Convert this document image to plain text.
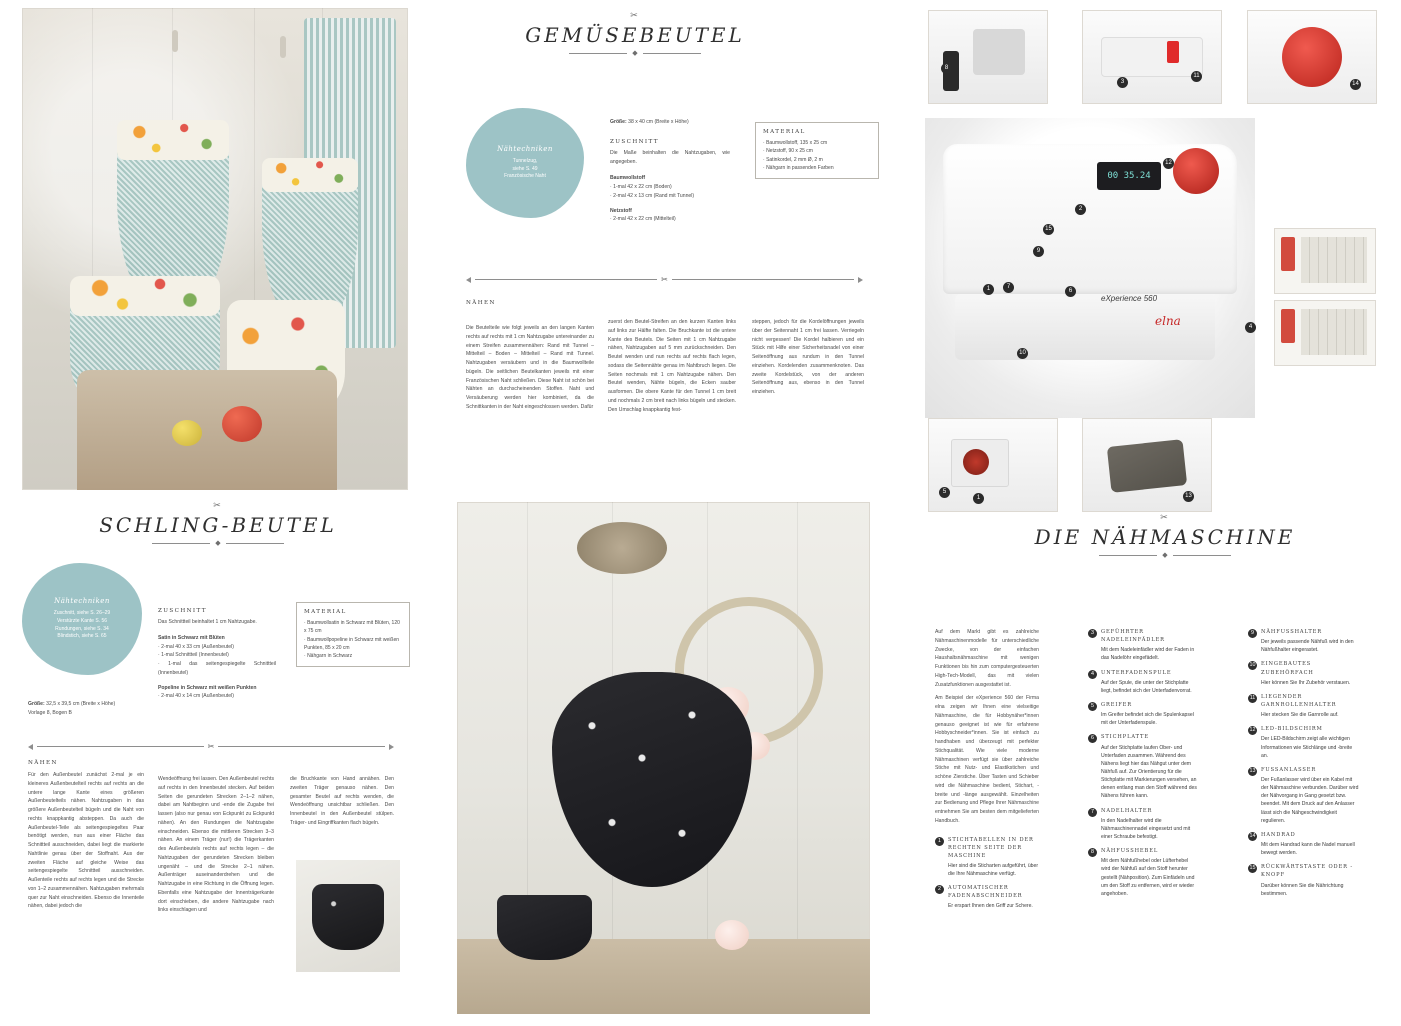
✂
SCHLING-BEUTEL
◆
Nähtechniken
Zuschnitt, siehe S. 26–29
Verstürzte Kante S. 56
Rundungen, siehe S. 34
Blindstich, siehe S. 65
ZUSCHNITT
Das Schnittteil beinhaltet 1 cm Nahtzugabe.
Satin in Schwarz mit Blüten
· 2-mal 40 x 33 cm (Außenbeutel)
· 1-mal Schnittteil (Innenbeutel)
· 1-mal das seitengespiegelte Schnittteil (Innenbeutel)
Popeline in Schwarz mit weißen Punkten
· 2-mal 40 x 14 cm (Außenbeutel)
Größe: 32,5 x 39,5 cm (Breite x Höhe)
Vorlage 8, Bogen B
MATERIAL
· Baumwollsatin in Schwarz mit Blüten, 120 x 75 cm
· Baumwollpopeline in Schwarz mit weißen Punkten, 85 x 20 cm
· Nähgarn in Schwarz
✂
NÄHEN
Für den Außenbeutel zunächst 2-mal je ein kleineres Außenbeutelteil rechts auf rechts an die untere lange Kante eines größeren Außenbeutelteils nähen. Nahtzugaben in das größere Außenbeutelteil bügeln und die Naht von rechts knappkantig absteppen. Da auch die Außenbeutel-Teile als seitengespiegeltes Paar benötigt werden, nun aus einer Fläche das Schnittteil ausschneiden, dabei liegt die markierte Nahtlinie genau über der Stoffnaht. Aus der zweiten Fläche auf gleiche Weise das seitengespiegelte Schnittteil ausschneiden. Außenteile rechts auf rechts legen und die Strecke von 1–2 zusammennähen. Nahtzugaben mehrmals quer zur Naht einschneiden. Ebenso die Innenteile nähen, dabei jedoch die
Wendeöffnung frei lassen. Den Außenbeutel rechts auf rechts in den Innenbeutel stecken. Auf beiden Seiten die gerundeten Strecken 2–1–2 nähen, dabei am Nahtbeginn und -ende die Zugabe frei lassen (also nur genau von Eckpunkt zu Eckpunkt nähen). An den Rundungen die Nahtzugabe einschneiden. Ebenso die mittleren Strecken 3–3 nähen. An einem Träger (nur!) die Trägerkanten des Außenbeutels rechts auf rechts legen – die Nahtzugaben der gerundeten Strecken bleiben ungenäht – und die Strecke 2–1 nähen. Außenträger auseinanderdrehen und die Nahtzugabe in eine Richtung in die Öffnung legen. Ebenfalls eine Nahtzugabe der Innenträgerkante dort einschieben, die andere Nahtzugabe nach links einschlagen und
die Bruchkante von Hand annähen. Den zweiten Träger genauso nähen. Den gesamter Beutel auf rechts wenden, die Wendeöffnung unsichtbar schließen. Den Innenbeutel in den Außenbeutel stülpen. Träger- und Eingriffkanten flach bügeln.
✂
GEMÜSEBEUTEL
◆
Nähtechniken
Tunnelzug,
siehe S. 49
Französische Naht
Größe: 38 x 40 cm (Breite x Höhe)
ZUSCHNITT
Die Maße beinhalten die Nahtzugaben, wie angegeben.
Baumwollstoff
· 1-mal 42 x 22 cm (Boden)
· 2-mal 42 x 13 cm (Rand mit Tunnel)
Netzstoff
· 2-mal 42 x 22 cm (Mittelteil)
MATERIAL
· Baumwollstoff, 135 x 25 cm
· Netzstoff, 90 x 25 cm
· Satinkordel, 2 mm Ø, 2 m
· Nähgarn in passenden Farben
✂
NÄHEN
Die Beutelteile wie folgt jeweils an den langen Kanten rechts auf rechts mit 1 cm Nahtzugabe untereinander zu einem Streifen zusammennähen: Rand mit Tunnel – Mittelteil – Boden – Mittelteil – Rand mit Tunnel. Nahtzugaben versäubern und in die Baumwollteile bügeln. Die seitlichen Beutelkanten jeweils mit einer Französischen Naht schließen. Diese Naht ist schön bei Nähten an durchscheinenden Stoffen. Naht und Versäuberung werden hier kombiniert, da die Schnittkanten in der Naht eingeschlossen werden. Dafür
zuerst den Beutel-Streifen an den kurzen Kanten links auf links zur Hälfte falten. Die Bruchkante ist die untere Kante des Beutels. Die Seiten mit 1 cm Nahtzugabe nähen, Nahtzugaben auf 5 mm zurückschneiden. Den Beutel wenden und nun rechts auf rechts flach legen, sodass die Seitennähte genau im Nahtbruch liegen. Die Seiten nochmals mit 1 cm Nahtzugabe nähen. Den Beutel wenden, Nähte bügeln, die Ecken sauber ausformen. Die obere Kante für den Tunnel 1 cm breit und nochmals 2 cm breit nach links bügeln und stecken. Den Umschlag knappkantig fest-
steppen, jedoch für die Kordelöffnungen jeweils über der Seitennaht 1 cm frei lassen. Verriegeln nicht vergessen! Die Kordel halbieren und ein Stück mit Hilfe einer Sicherheitsnadel von einer Seitenöffnung aus rundum in den Tunnel einziehen. Kordelenden zusammenknoten. Das zweite Kordelstück, von der anderen Seitenöffnung aus, ebenso in den Tunnel einziehen.
8
3
11
14
00 35.24
elna
eXperience 560
12
2
15
9
7
1	6
10
4
5
1	13
✂
DIE NÄHMASCHINE
◆
Auf dem Markt gibt es zahlreiche Nähmaschinenmodelle für unterschiedliche Zwecke, von der einfachen Haushaltsnähmaschine mit wenigen Funktionen bis hin zum computergesteuerten High-Tech-Modell, das mit vielen Zusatzfunktionen ausgestattet ist.
Am Beispiel der eXperience 560 der Firma elna zeigen wir Ihnen eine vielseitige Nähmaschine, die für Hobbynäher*innen genauso geeignet ist wie für erfahrene Hobbyschneider*innen. Sie ist einfach zu handhaben und überzeugt mit perfekter Stichqualität. Wie viele moderne Nähmaschinen verfügt sie über zahlreiche Stiche mit Nutz- und Elastikstichen und schöne Zierstiche. Über Tasten und Schieber wird die Nähmaschine bedient, Stichart, -breite und -länge ausgewählt. Einzelheiten zur Bedienung und Pflege Ihrer Nähmaschine entnehmen Sie am besten dem mitgelieferten Handbuch.
1	STICHTABELLEN IN DER RECHTEN SEITE DER MASCHINE
Hier sind die Sticharten aufgeführt, über die Ihre Nähmaschine verfügt.
2	AUTOMATISCHER FADENABSCHNEIDER
Er erspart Ihnen den Griff zur Schere.
3	GEFÜHRTER NADELEINFÄDLER
Mit dem Nadeleinfädler wird der Faden in das Nadelöhr eingefädelt.
4	UNTERFADENSPULE
Auf der Spule, die unter der Stichplatte liegt, befindet sich der Unterfadenvorrat.
5	GREIFER
Im Greifer befindet sich die Spulenkapsel mit der Unterfadenspule.
6	STICHPLATTE
Auf der Stichplatte laufen Ober- und Unterfaden zusammen. Während des Nähens liegt hier das Nähgut unter dem Nähfuß auf. Zur Orientierung für die Stichplatte mit Markierungen versehen, an denen entlang man den Stoff während des Nähens führen kann.
7	NADELHALTER
In den Nadelhalter wird die Nähmaschinennadel eingesetzt und mit einer Schraube befestigt.
8	NÄHFUSSHEBEL
Mit dem Nähfußhebel oder Lüfterhebel wird der Nähfuß auf den Stoff herunter gestellt (Nähposition). Zum Einfädeln und um den Stoff zu entfernen, wird er wieder angehoben.
9	NÄHFUSSHALTER
Der jeweils passende Nähfuß wird in den Nähfußhalter eingerastet.
10 EINGEBAUTES ZUBEHÖRFACH
Hier können Sie Ihr Zubehör verstauen.
11	LIEGENDER GARNROLLENHALTER
Hier stecken Sie die Garnrolle auf.
12 LED-BILDSCHIRM
Der LED-Bildschirm zeigt alle wichtigen Informationen wie Stichlänge und -breite an.
13 FUSSANLASSER
Der Fußanlasser wird über ein Kabel mit der Nähmaschine verbunden. Darüber wird der Nähvorgang in Gang gesetzt bzw. beendet. Mit dem Druck auf den Anlasser lässt sich die Nähgeschwindigkeit regulieren.
14 HANDRAD
Mit dem Handrad kann die Nadel manuell bewegt werden.
15 RÜCKWÄRTSTASTE ODER -KNOPF
Darüber können Sie die Nährichtung bestimmen.
